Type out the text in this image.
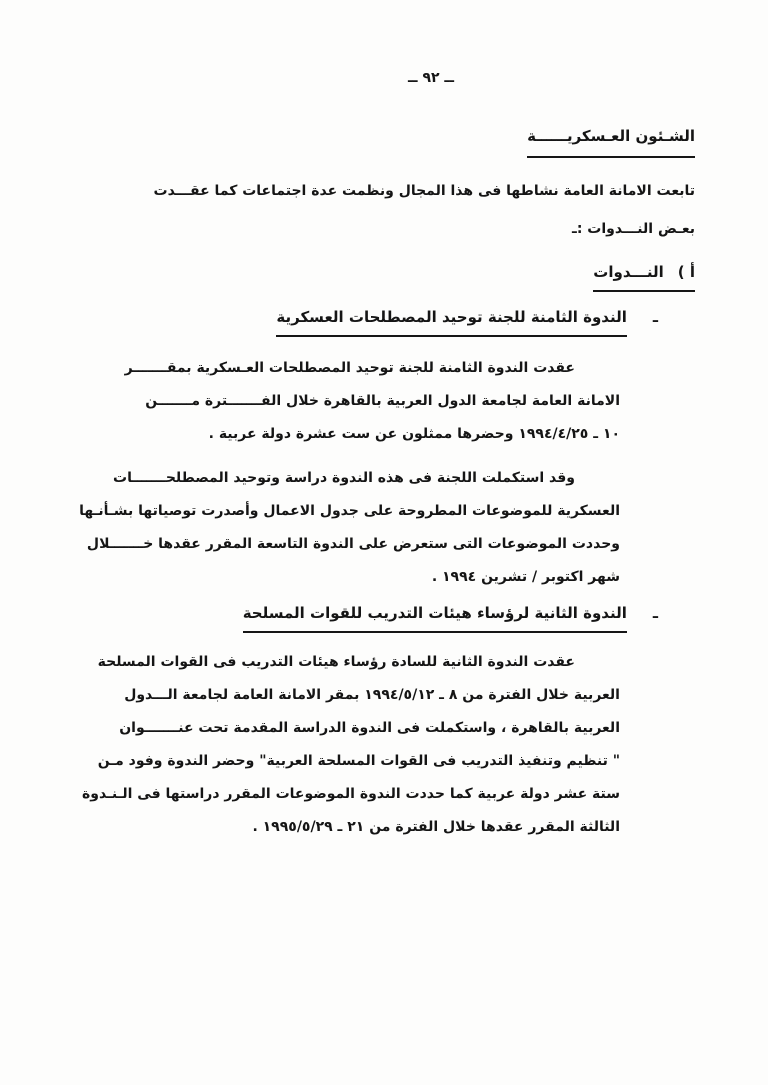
ــ ٩٢ ــ
الشـئون العـسكريــــــة
تابعت الامانة العامة نشاطها فى هذا المجال ونظمت عدة اجتماعات كما عقـــدت
بعـض النـــدوات :ـ
أ )النـــدوات
ـ
الندوة الثامنة للجنة توحيد المصطلحات العسكرية
عقدت الندوة الثامنة للجنة توحيد المصطلحات العـسكرية بمقـــــــر
الامانة العامة لجامعة الدول العربية بالقاهرة خلال الفـــــــترة مـــــــن
١٠ ـ ١٩٩٤/٤/٢٥ وحضرها ممثلون عن ست عشرة دولة عربية .
وقد استكملت اللجنة فى هذه الندوة دراسة وتوحيد المصطلحـــــــات
العسكرية للموضوعات المطروحة على جدول الاعمال وأصدرت توصياتها بشـأنـها
وحددت الموضوعات التى ستعرض على الندوة التاسعة المقرر عقدها خـــــــلال
شهر اكتوبر / تشرين ١٩٩٤ .
ـ
الندوة الثانية لرؤساء هيئات التدريب للقوات المسلحة
عقدت الندوة الثانية للسادة رؤساء هيئات التدريب فى القوات المسلحة
العربية خلال الفترة من ٨ ـ ١٩٩٤/٥/١٢ بمقر الامانة العامة لجامعة الـــدول
العربية بالقاهرة ، واستكملت فى الندوة الدراسة المقدمة تحت عنـــــــوان
" تنظيم وتنفيذ التدريب فى القوات المسلحة العربية" وحضر الندوة وفود مـن
ستة عشر دولة عربية كما حددت الندوة الموضوعات المقرر دراستها فى الـنـدوة
الثالثة المقرر عقدها خلال الفترة من ٢١ ـ ١٩٩٥/٥/٢٩ .
